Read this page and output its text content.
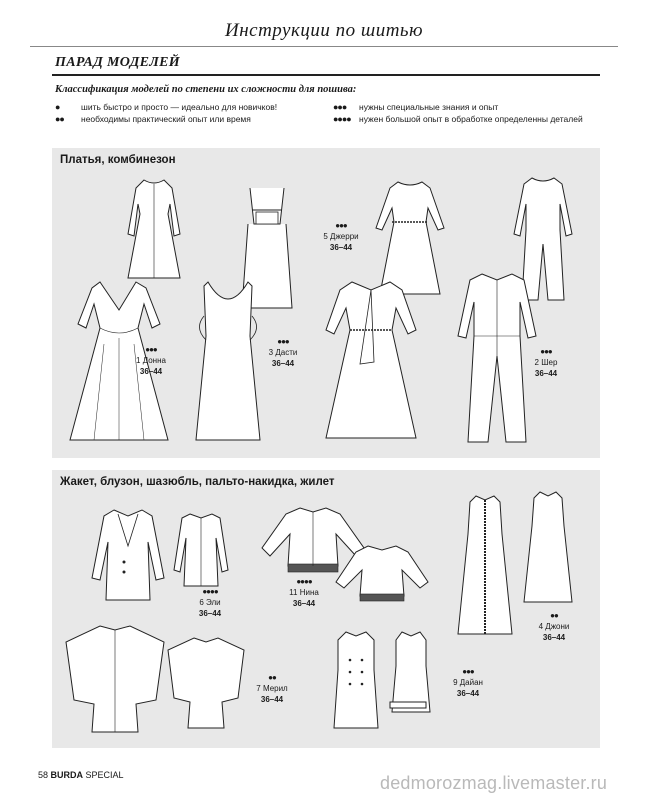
Инструкции по шитью
ПАРАД МОДЕЛЕЙ
Классификация моделей по степени их сложности для пошива:
●	шить быстро и просто — идеально для новичков!
●●	необходимы практический опыт или время
●●●	нужны специальные знания и опыт
●●●● нужен большой опыт в обработке определенны деталей
Платья, комбинезон
●●●
1 Донна
36–44
●●●
3 Дасти
36–44
●●●
5 Джерри
36–44
●●●
2 Шер
36–44
Жакет, блузон, шазюбль, пальто-накидка, жилет
●●●●
6 Эли
36–44
●●●●
11 Нина
36–44
●●
4 Джони
36–44
●●
7 Мерил
36–44
●●●
9 Дайан
36–44
58 BURDA SPECIAL	dedmorozmag.livemaster.ru
